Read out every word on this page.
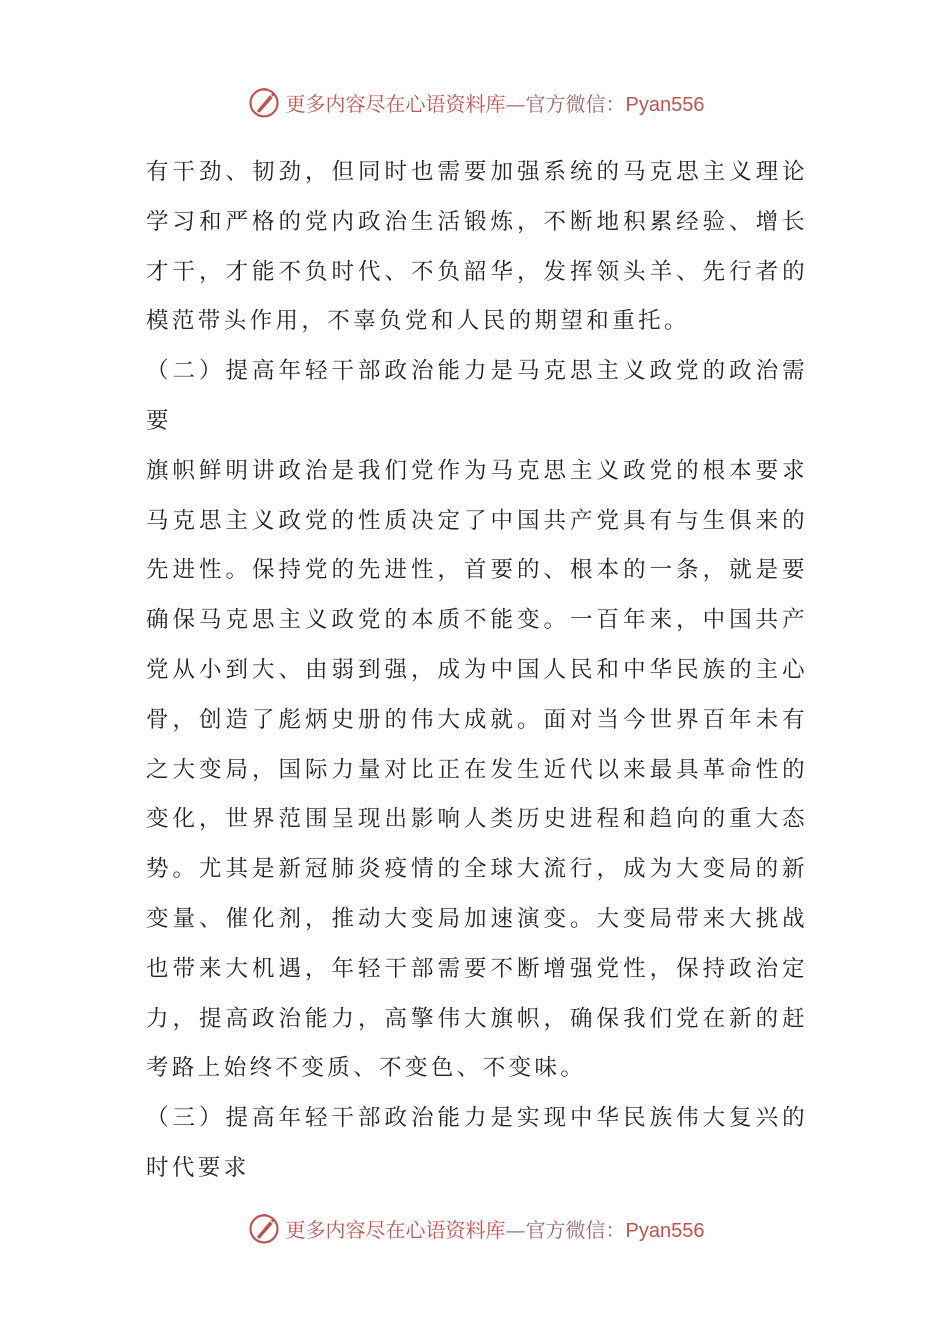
更多内容尽在心语资料库 — 官方微信： Pyan556

有干劲、韧劲，但同时也需要加强系统的马克思主义理论学习和严格的党内政治生活锻炼，不断地积累经验、增长才干，才能不负时代、不负韶华，发挥领头羊、先行者的模范带头作用，不辜负党和人民的期望和重托。

（二）提高年轻干部政治能力是马克思主义政党的政治需要

旗帜鲜明讲政治是我们党作为马克思主义政党的根本要求马克思主义政党的性质决定了中国共产党具有与生俱来的先进性。保持党的先进性，首要的、根本的一条，就是要确保马克思主义政党的本质不能变。一百年来，中国共产党从小到大、由弱到强，成为中国人民和中华民族的主心骨，创造了彪炳史册的伟大成就。面对当今世界百年未有之大变局，国际力量对比正在发生近代以来最具革命性的变化，世界范围呈现出影响人类历史进程和趋向的重大态势。尤其是新冠肺炎疫情的全球大流行，成为大变局的新变量、催化剂，推动大变局加速演变。大变局带来大挑战也带来大机遇，年轻干部需要不断增强党性，保持政治定力，提高政治能力，高擎伟大旗帜，确保我们党在新的赶考路上始终不变质、不变色、不变味。

（三）提高年轻干部政治能力是实现中华民族伟大复兴的时代要求

更多内容尽在心语资料库 — 官方微信： Pyan556
